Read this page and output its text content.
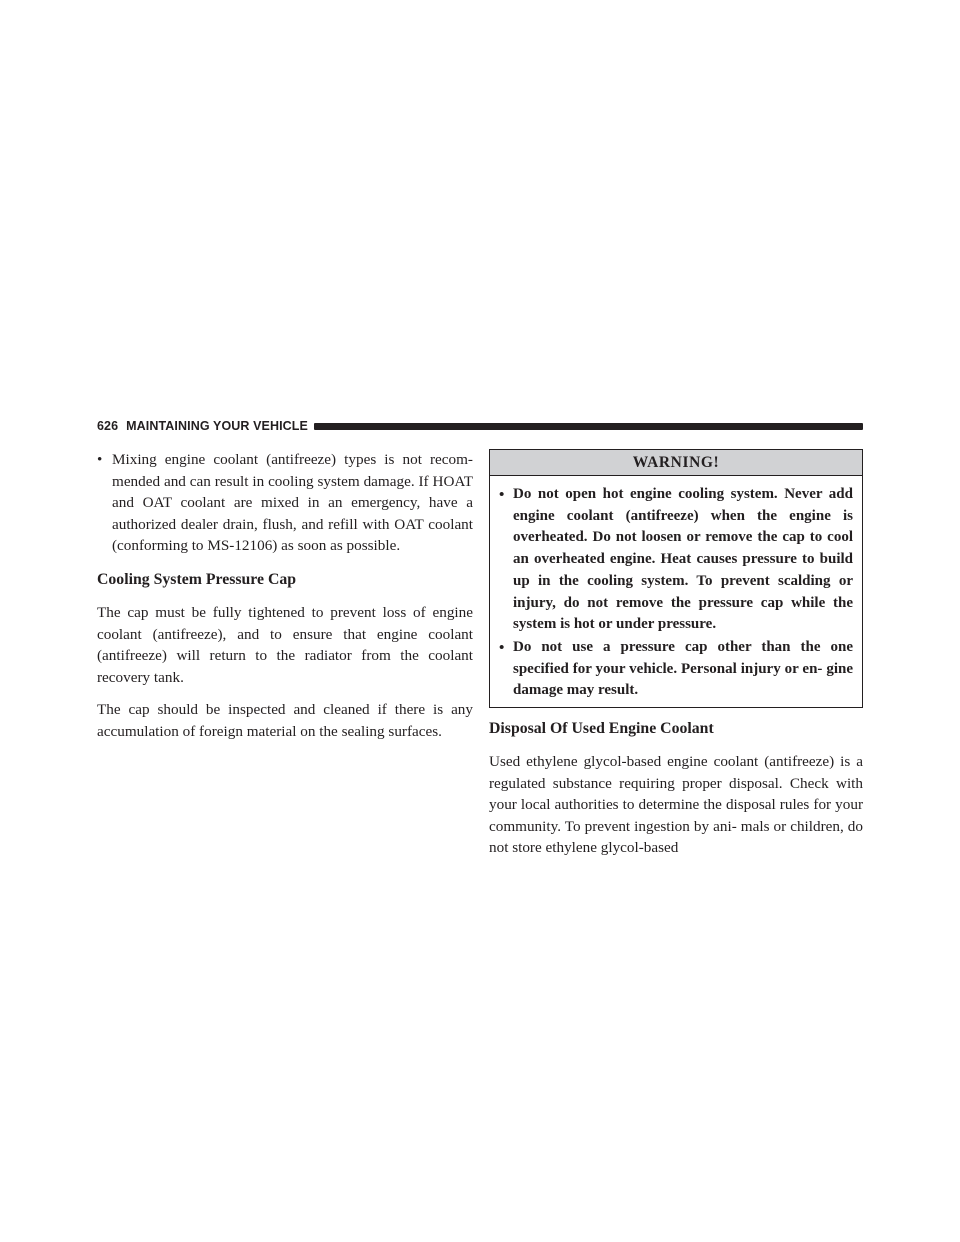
626 MAINTAINING YOUR VEHICLE
• Mixing engine coolant (antifreeze) types is not recom- mended and can result in cooling system damage. If HOAT and OAT coolant are mixed in an emergency, have a authorized dealer drain, flush, and refill with OAT coolant (conforming to MS-12106) as soon as possible.
Cooling System Pressure Cap

The cap must be fully tightened to prevent loss of engine coolant (antifreeze), and to ensure that engine coolant (antifreeze) will return to the radiator from the coolant recovery tank.

The cap should be inspected and cleaned if there is any accumulation of foreign material on the sealing surfaces.

WARNING!
• Do not open hot engine cooling system. Never add engine coolant (antifreeze) when the engine is overheated. Do not loosen or remove the cap to cool an overheated engine. Heat causes pressure to build up in the cooling system. To prevent scalding or injury, do not remove the pressure cap while the system is hot or under pressure.
• Do not use a pressure cap other than the one specified for your vehicle. Personal injury or en- gine damage may result.
Disposal Of Used Engine Coolant

Used ethylene glycol-based engine coolant (antifreeze) is a regulated substance requiring proper disposal. Check with your local authorities to determine the disposal rules for your community. To prevent ingestion by ani- mals or children, do not store ethylene glycol-based
